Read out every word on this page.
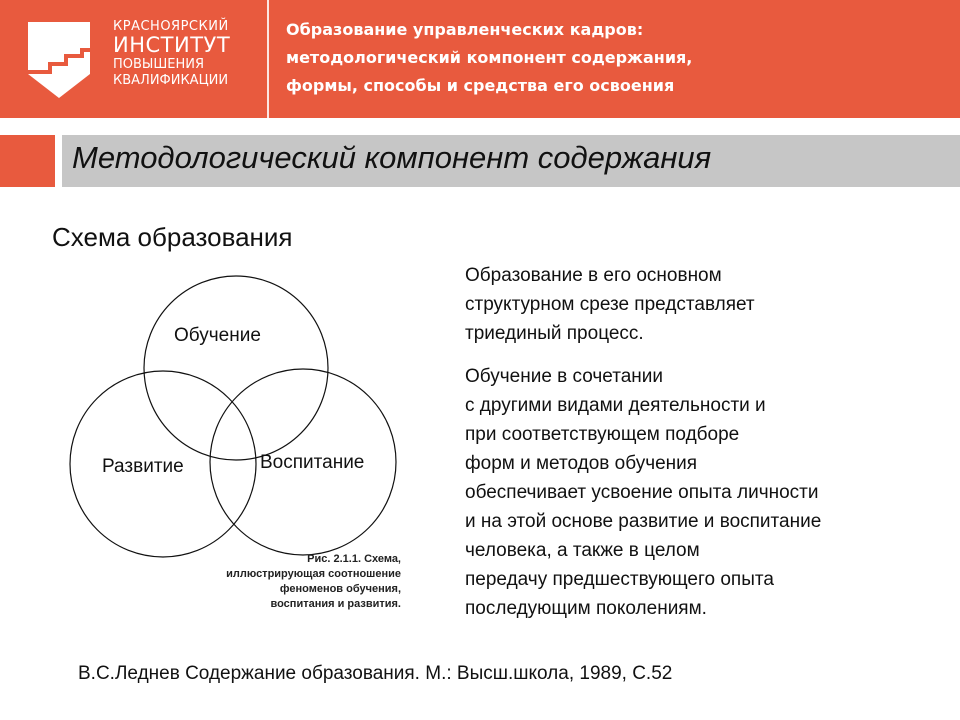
КРАСНОЯРСКИЙ
ИНСТИТУТ
ПОВЫШЕНИЯ
КВАЛИФИКАЦИИ
Образование управленческих кадров:
методологический компонент содержания,
формы, способы и средства его освоения
Методологический компонент содержания
Схема образования
Обучение
Развитие	Воспитание
Рис. 2.1.1. Схема,
иллюстрирующая соотношение
феноменов обучения,
воспитания и развития.
Образование в его основном
структурном срезе представляет
триединый процесс.
Обучение в сочетании
с другими видами деятельности и
при соответствующем подборе
форм и методов обучения
обеспечивает усвоение опыта личности
и на этой основе развитие и воспитание
человека, а также в целом
передачу предшествующего опыта
последующим поколениям.
В.С.Леднев Содержание образования. М.: Высш.школа, 1989, С.52
